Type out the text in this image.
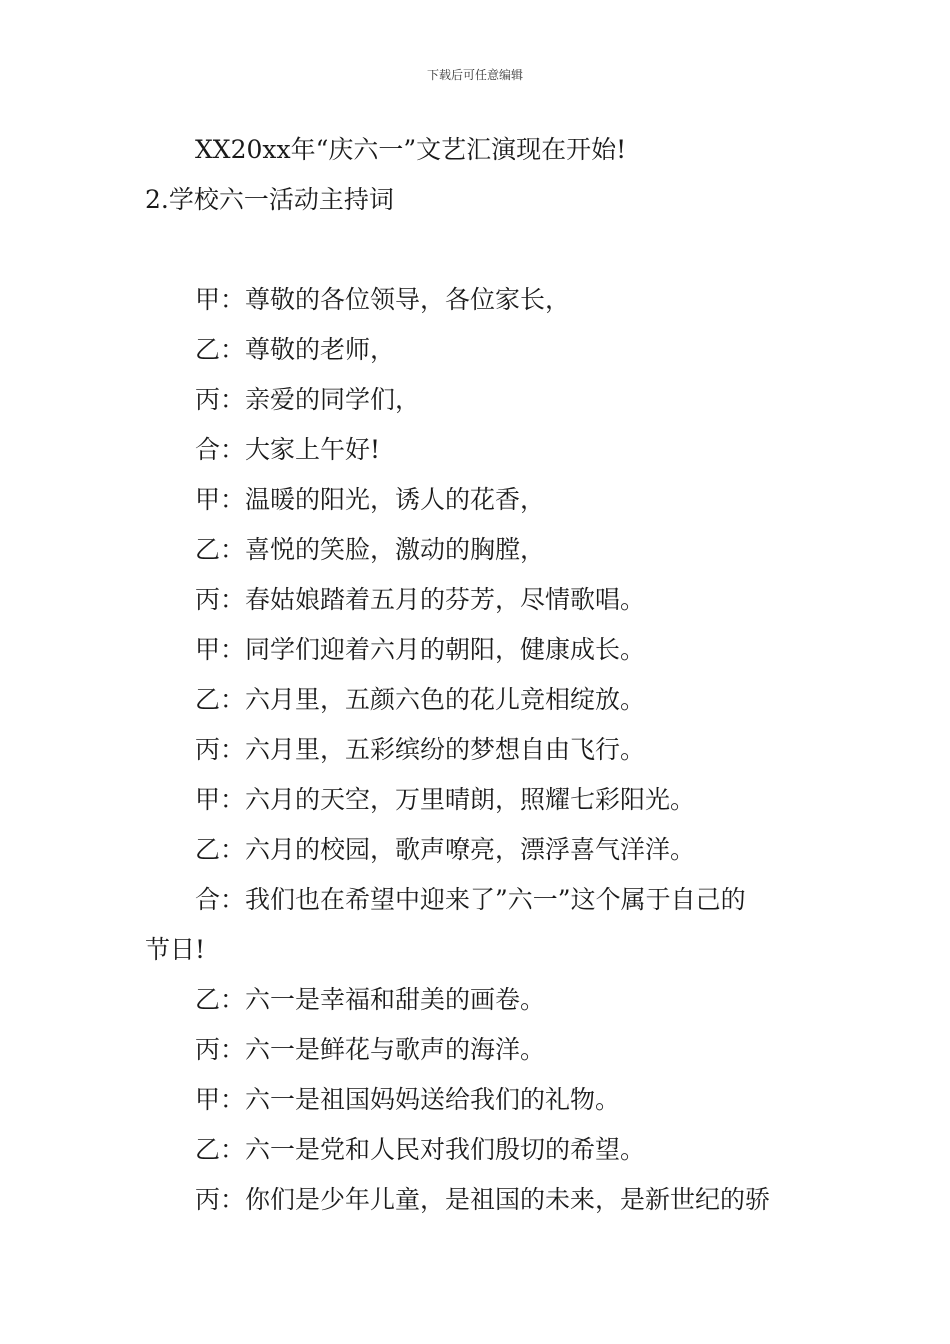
下载后可任意编辑
XX20xx年“庆六一”文艺汇演现在开始!
2.学校六一活动主持词
甲：尊敬的各位领导，各位家长，
乙：尊敬的老师，
丙：亲爱的同学们，
合：大家上午好!
甲：温暖的阳光，诱人的花香，
乙：喜悦的笑脸，激动的胸膛，
丙：春姑娘踏着五月的芬芳，尽情歌唱。
甲：同学们迎着六月的朝阳，健康成长。
乙：六月里，五颜六色的花儿竞相绽放。
丙：六月里，五彩缤纷的梦想自由飞行。
甲：六月的天空，万里晴朗，照耀七彩阳光。
乙：六月的校园，歌声嘹亮，漂浮喜气洋洋。
合：我们也在希望中迎来了”六一”这个属于自己的
节日!
乙：六一是幸福和甜美的画卷。
丙：六一是鲜花与歌声的海洋。
甲：六一是祖国妈妈送给我们的礼物。
乙：六一是党和人民对我们殷切的希望。
丙：你们是少年儿童，是祖国的未来，是新世纪的骄
